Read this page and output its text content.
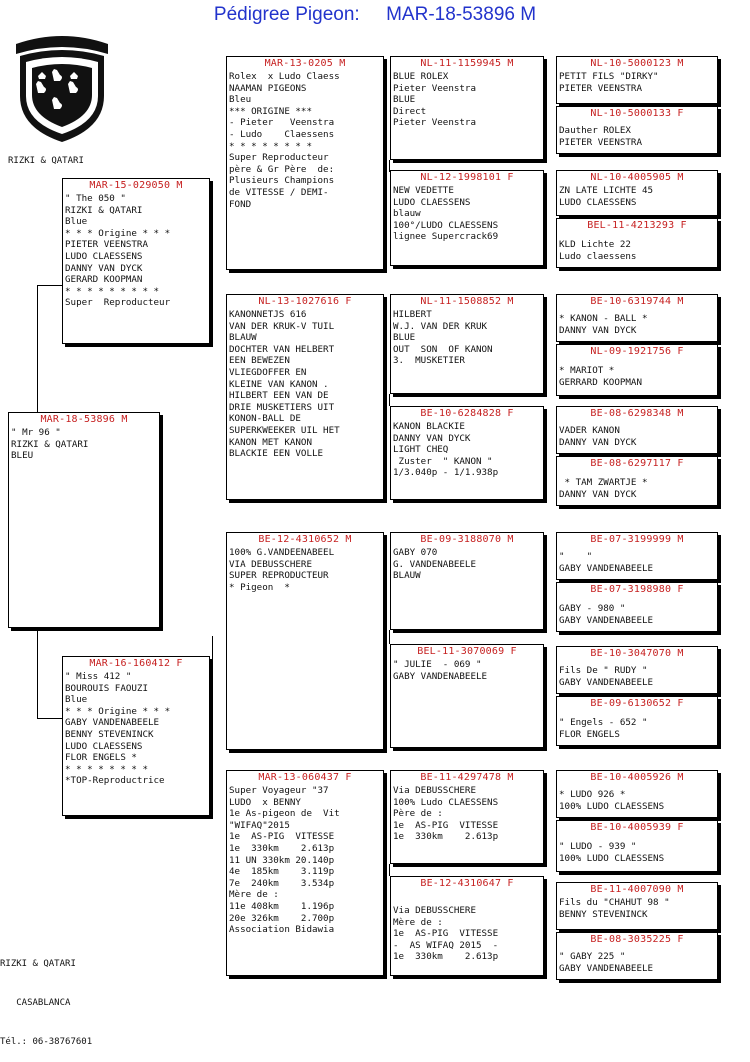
Pédigree Pigeon: MAR-18-53896 M
RIZKI & QATARI
MAR-18-53896 M
" Mr 96 "
RIZKI & QATARI
BLEU
MAR-15-029050 M
" The 050 "
RIZKI & QATARI
Blue
* * * Origine * * *
PIETER VEENSTRA
LUDO CLAESSENS
DANNY VAN DYCK
GERARD KOOPMAN
* * * * * * * * *
Super  Reproducteur
MAR-16-160412 F
" Miss 412 "
BOUROUIS FAOUZI
Blue
* * * Origine * * *
GABY VANDENABEELE
BENNY STEVENINCK
LUDO CLAESSENS
FLOR ENGELS *
* * * * * * * *
*TOP-Reproductrice
MAR-13-0205 M
Rolex  x Ludo Claess
NAAMAN PIGEONS
Bleu
*** ORIGINE ***
- Pieter   Veenstra
- Ludo    Claessens
* * * * * * * *
Super Reproducteur
père & Gr Père  de:
Plusieurs Champions
de VITESSE / DEMI-
FOND
NL-13-1027616 F
KANONNETJS 616
VAN DER KRUK-V TUIL
BLAUW
DOCHTER VAN HELBERT
EEN BEWEZEN
VLIEGDOFFER EN
KLEINE VAN KANON .
HILBERT EEN VAN DE
DRIE MUSKETIERS UIT
KONON-BALL DE
SUPERKWEEKER UIL HET
KANON MET KANON
BLACKIE EEN VOLLE
BE-12-4310652 M
100% G.VANDEENABEEL
VIA DEBUSSCHERE
SUPER REPRODUCTEUR
* Pigeon  *
MAR-13-060437 F
Super Voyageur "37
LUDO  x BENNY
1e As-pigeon de  Vit
"WIFAQ"2015
1e  AS-PIG  VITESSE
1e  330km    2.613p
11 UN 330km 20.140p
4e  185km    3.119p
7e  240km    3.534p
Mère de :
11e 408km    1.196p
20e 326km    2.700p
Association Bidawia
NL-11-1159945 M
BLUE ROLEX
Pieter Veenstra
BLUE
Direct
Pieter Veenstra
NL-12-1998101 F
NEW VEDETTE
LUDO CLAESSENS
blauw
100°/LUDO CLAESSENS
lignee Supercrack69
NL-11-1508852 M
HILBERT
W.J. VAN DER KRUK
BLUE
OUT  SON  OF KANON
3.  MUSKETIER
BE-10-6284828 F
KANON BLACKIE
DANNY VAN DYCK
LIGHT CHEQ
Zuster  " KANON "
1/3.040p - 1/1.938p
BE-09-3188070 M
GABY 070
G. VANDENABEELE
BLAUW
BEL-11-3070069 F
" JULIE  - 069 "
GABY VANDENABEELE
BE-11-4297478 M
Via DEBUSSCHERE
100% Ludo CLAESSENS
Père de :
1e  AS-PIG  VITESSE
1e  330km    2.613p
BE-12-4310647 F
Via DEBUSSCHERE
Mère de :
1e  AS-PIG  VITESSE
-  AS WIFAQ 2015  -
1e  330km    2.613p
NL-10-5000123 M
PETIT FILS "DIRKY"
PIETER VEENSTRA
NL-10-5000133 F
Dauther ROLEX
PIETER VEENSTRA
NL-10-4005905 M
ZN LATE LICHTE 45
LUDO CLAESSENS
BEL-11-4213293 F
KLD Lichte 22
Ludo claessens
BE-10-6319744 M
* KANON - BALL *
DANNY VAN DYCK
NL-09-1921756 F
* MARIOT *
GERRARD KOOPMAN
BE-08-6298348 M
VADER KANON
DANNY VAN DYCK
BE-08-6297117 F
* TAM ZWARTJE *
DANNY VAN DYCK
BE-07-3199999 M
"    "
GABY VANDENABEELE
BE-07-3198980 F
GABY - 980 "
GABY VANDENABEELE
BE-10-3047070 M
Fils De " RUDY "
GABY VANDENABEELE
BE-09-6130652 F
" Engels - 652 "
FLOR ENGELS
BE-10-4005926 M
* LUDO 926 *
100% LUDO CLAESSENS
BE-10-4005939 F
" LUDO - 939 "
100% LUDO CLAESSENS
BE-11-4007090 M
Fils du "CHAHUT 98 "
BENNY STEVENINCK
BE-08-3035225 F
" GABY 225 "
GABY VANDENABEELE

RIZKI & QATARI

CASABLANCA

Tél.: 06-38767601
